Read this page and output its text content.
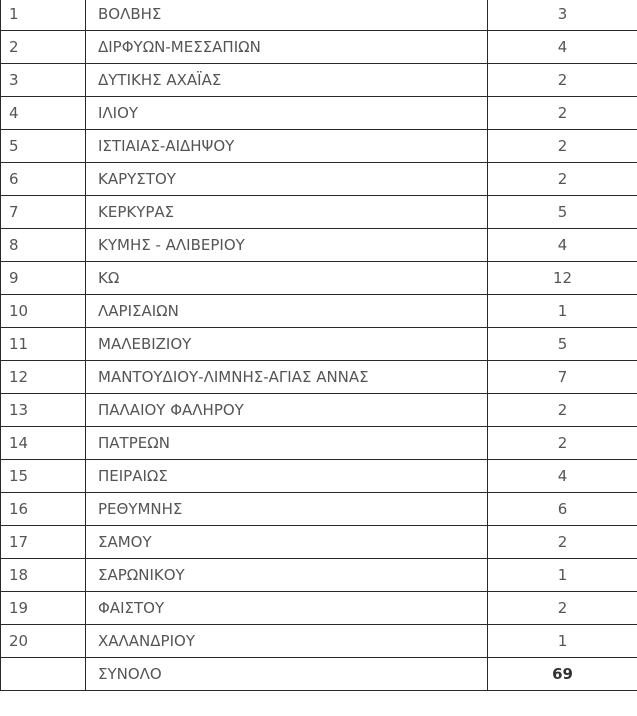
1	ΒΟΛΒΗΣ	3
2	ΔΙΡΦΥΩΝ-ΜΕΣΣΑΠΙΩΝ	4
3	ΔΥΤΙΚΗΣ ΑΧΑΪΑΣ	2
4	ΙΛΙΟΥ	2
5	ΙΣΤΙΑΙΑΣ-ΑΙΔΗΨΟΥ	2
6	ΚΑΡΥΣΤΟΥ	2
7	ΚΕΡΚΥΡΑΣ	5
8	ΚΥΜΗΣ - ΑΛΙΒΕΡΙΟΥ	4
9	ΚΩ	12
10	ΛΑΡΙΣΑΙΩΝ	1
11	ΜΑΛΕΒΙΖΙΟΥ	5
12	ΜΑΝΤΟΥΔΙΟΥ-ΛΙΜΝΗΣ-ΑΓΙΑΣ ΑΝΝΑΣ	7
13	ΠΑΛΑΙΟΥ ΦΑΛΗΡΟΥ	2
14	ΠΑΤΡΕΩΝ	2
15	ΠΕΙΡΑΙΩΣ	4
16	ΡΕΘΥΜΝΗΣ	6
17	ΣΑΜΟΥ	2
18	ΣΑΡΩΝΙΚΟΥ	1
19	ΦΑΙΣΤΟΥ	2
20	ΧΑΛΑΝΔΡΙΟΥ	1
	ΣΥΝΟΛΟ	69
